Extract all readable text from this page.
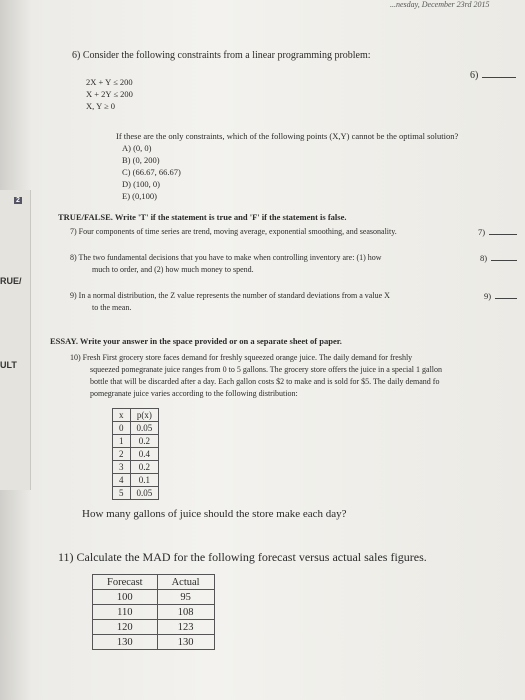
...nesday, December 23rd 2015
2
RUE/
ULT
6) Consider the following constraints from a linear programming problem:
6)
2X + Y ≤ 200
X + 2Y ≤ 200
X, Y ≥ 0
If these are the only constraints, which of the following points (X,Y) cannot be the optimal solution?
A) (0, 0)
B) (0, 200)
C) (66.67, 66.67)
D) (100, 0)
E) (0,100)
TRUE/FALSE. Write 'T' if the statement is true and 'F' if the statement is false.
7) Four components of time series are trend, moving average, exponential smoothing, and seasonality.	7)
8) The two fundamental decisions that you have to make when controlling inventory are: (1) how
much to order, and (2) how much money to spend.
8)
9) In a normal distribution, the Z value represents the number of standard deviations from a value X
to the mean.
9)
ESSAY. Write your answer in the space provided or on a separate sheet of paper.
10) Fresh First grocery store faces demand for freshly squeezed orange juice. The daily demand for freshly
squeezed pomegranate juice ranges from 0 to 5 gallons. The grocery store offers the juice in a special 1 gallon
bottle that will be discarded after a day. Each gallon costs $2 to make and is sold for $5. The daily demand fo
pomegranate juice varies according to the following distribution:
x	p(x)
0	0.05
1	0.2
2	0.4
3	0.2
4	0.1
5	0.05
How many gallons of juice should the store make each day?
11) Calculate the MAD for the following forecast versus actual sales figures.
Forecast	Actual
100	95
110	108
120	123
130	130
